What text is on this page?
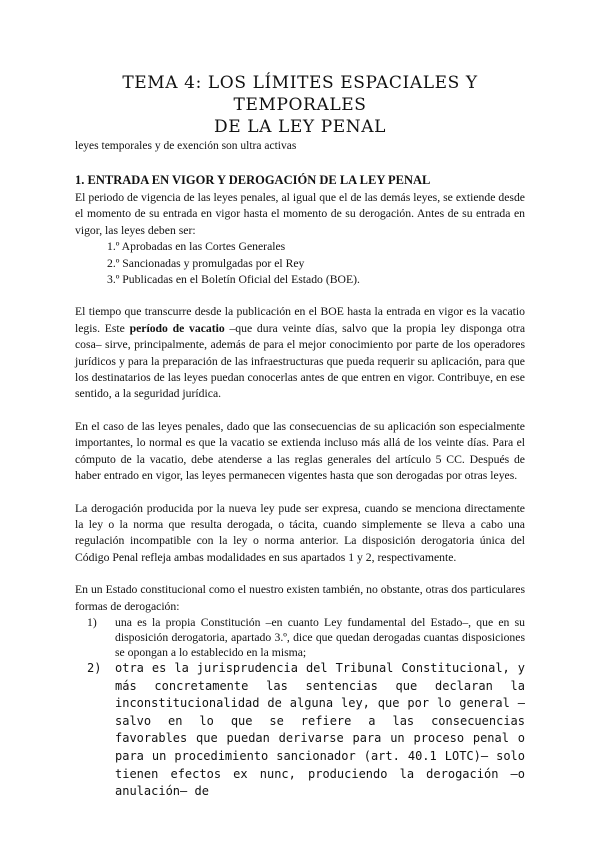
TEMA 4: LOS LÍMITES ESPACIALES Y TEMPORALES
DE LA LEY PENAL
leyes temporales y de exención son ultra activas
1. ENTRADA EN VIGOR Y DEROGACIÓN DE LA LEY PENAL

El periodo de vigencia de las leyes penales, al igual que el de las demás leyes, se extiende desde el momento de su entrada en vigor hasta el momento de su derogación. Antes de su entrada en vigor, las leyes deben ser:

1.º Aprobadas en las Cortes Generales
2.º Sancionadas y promulgadas por el Rey
3.º Publicadas en el Boletín Oficial del Estado (BOE).

El tiempo que transcurre desde la publicación en el BOE hasta la entrada en vigor es la vacatio legis. Este período de vacatio –que dura veinte días, salvo que la propia ley disponga otra cosa– sirve, principalmente, además de para el mejor conocimiento por parte de los operadores jurídicos y para la preparación de las infraestructuras que pueda requerir su aplicación, para que los destinatarios de las leyes puedan conocerlas antes de que entren en vigor. Contribuye, en ese sentido, a la seguridad jurídica.

En el caso de las leyes penales, dado que las consecuencias de su aplicación son especialmente importantes, lo normal es que la vacatio se extienda incluso más allá de los veinte días. Para el cómputo de la vacatio, debe atenderse a las reglas generales del artículo 5 CC. Después de haber entrado en vigor, las leyes permanecen vigentes hasta que son derogadas por otras leyes.

La derogación producida por la nueva ley pude ser expresa, cuando se menciona directamente la ley o la norma que resulta derogada, o tácita, cuando simplemente se lleva a cabo una regulación incompatible con la ley o norma anterior. La disposición derogatoria única del Código Penal refleja ambas modalidades en sus apartados 1 y 2, respectivamente.

En un Estado constitucional como el nuestro existen también, no obstante, otras dos particulares formas de derogación:

1)	una es la propia Constitución –en cuanto Ley fundamental del Estado–, que en su disposición derogatoria, apartado 3.º, dice que quedan derogadas cuantas disposiciones se opongan a lo establecido en la misma;
2)	otra es la jurisprudencia del Tribunal Constitucional, y más concretamente las sentencias que declaran la inconstitucionalidad de alguna ley, que por lo general –salvo en lo que se refiere a las consecuencias favorables que puedan derivarse para un proceso penal o para un procedimiento sancionador (art. 40.1 LOTC)– solo tienen efectos ex nunc, produciendo la derogación –o anulación– de
